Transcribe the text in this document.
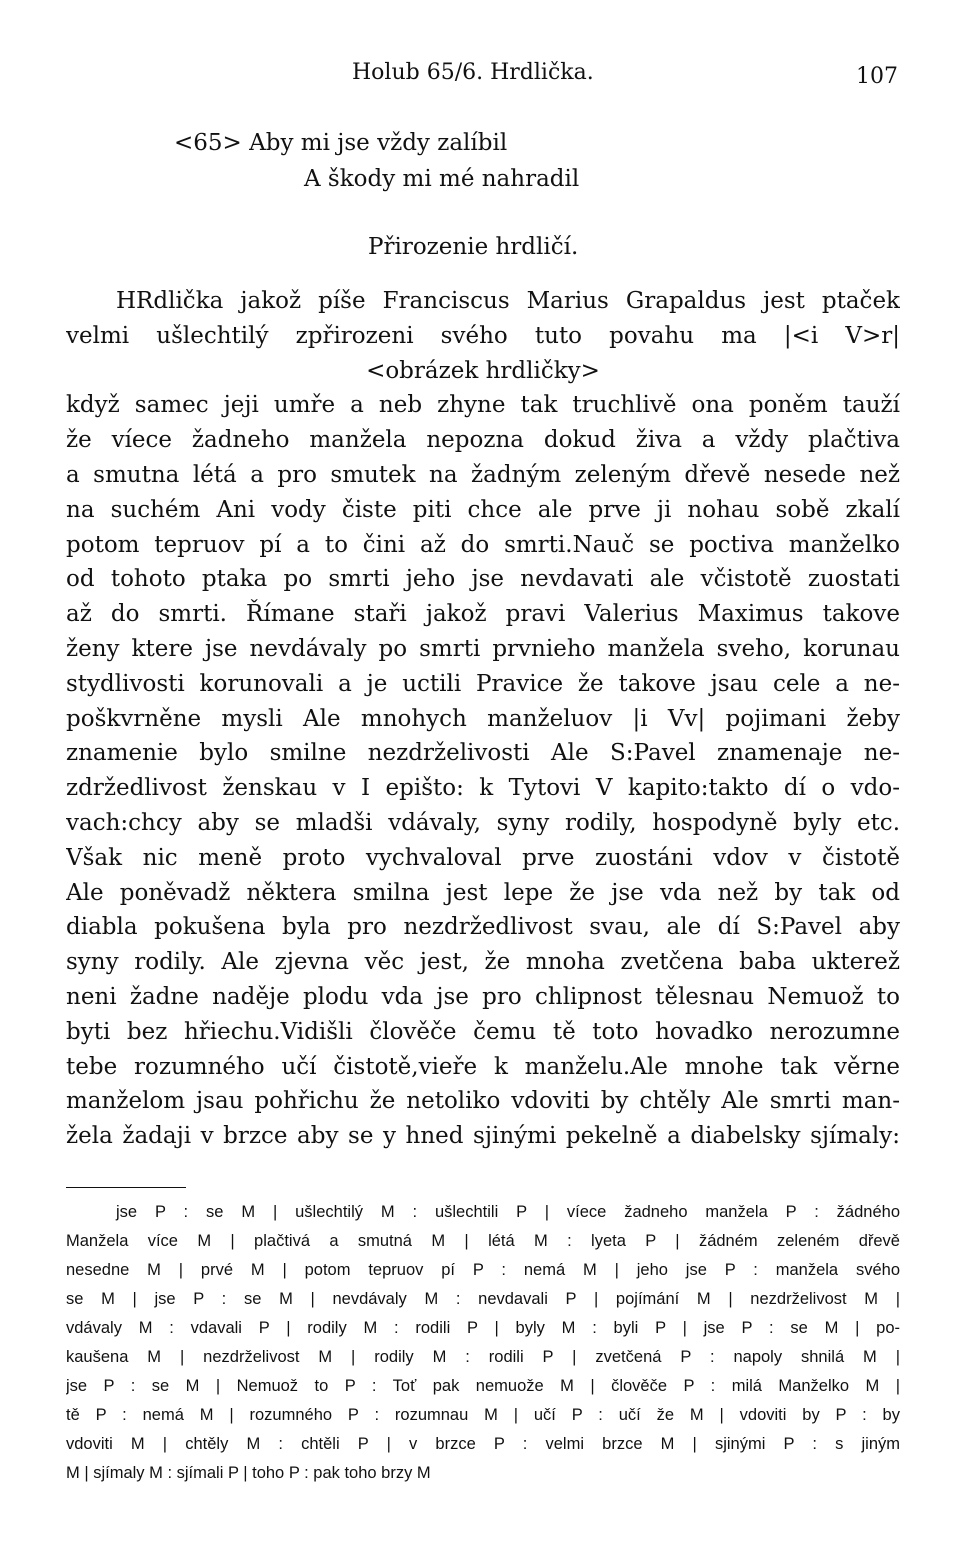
Holub 65/6. Hrdlička.	107
<65> Aby mi jse vždy zalíbil
A škody mi mé nahradil
Přirozenie hrdličí.
HRdlička jakož píše Franciscus Marius Grapaldus jest ptaček
velmi ušlechtilý zpřirozeni svého tuto povahu ma |<i V>r|
<obrázek hrdličky>
když samec jeji umře a neb zhyne tak truchlivě ona poněm tauží
že víece žadneho manžela nepozna dokud živa a vždy plačtiva
a smutna létá a pro smutek na žadným zeleným dřevě nesede než
na suchém Ani vody čiste piti chce ale prve ji nohau sobě zkalí
potom tepruov pí a to čini až do smrti.Nauč se poctiva manželko
od tohoto ptaka po smrti jeho jse nevdavati ale včistotě zuostati
až do smrti. Římane staři jakož pravi Valerius Maximus takove
ženy ktere jse nevdávaly po smrti prvnieho manžela sveho, korunau
stydlivosti korunovali a je uctili Pravice že takove jsau cele a ne-
poškvrněne mysli Ale mnohych manželuov |i Vv| pojimani žeby
znamenie bylo smilne nezdrželivosti Ale S:Pavel znamenaje ne-
zdržedlivost ženskau v I epišto: k Tytovi V kapito:takto dí o vdo-
vach:chcy aby se mladši vdávaly, syny rodily, hospodyně byly etc.
Však nic meně proto vychvaloval prve zuostáni vdov v čistotě
Ale poněvadž některa smilna jest lepe že jse vda než by tak od
diabla pokušena byla pro nezdržedlivost svau, ale dí S:Pavel aby
syny rodily. Ale zjevna věc jest, že mnoha zvetčena baba ukterež
neni žadne naděje plodu vda jse pro chlipnost tělesnau Nemuož to
byti bez hřiechu.Vidišli člověče čemu tě toto hovadko nerozumne
tebe rozumného učí čistotě,vieře k manželu.Ale mnohe tak věrne
manželom jsau pohřichu že netoliko vdoviti by chtěly Ale smrti man-
žela žadaji v brzce aby se y hned sjinými pekelně a diabelsky sjímaly:
jse P : se M | ušlechtilý M : ušlechtili P | víece žadneho manžela P : žádného
Manžela více M | plačtivá a smutná M | létá M : lyeta P | žádném zeleném dřevě
nesedne M | prvé M | potom tepruov pí P : nemá M | jeho jse P : manžela svého
se M | jse P : se M | nevdávaly M : nevdavali P | pojímání M | nezdrželivost M |
vdávaly M : vdavali P | rodily M : rodili P | byly M : byli P | jse P : se M | po-
kaušena M | nezdrželivost M | rodily M : rodili P | zvetčená P : napoly shnilá M |
jse P : se M | Nemuož to P : Toť pak nemuože M | člověče P : milá Manželko M |
tě P : nemá M | rozumného P : rozumnau M | učí P : učí že M | vdoviti by P : by
vdoviti M | chtěly M : chtěli P | v brzce P : velmi brzce M | sjinými P : s jiným
M | sjímaly M : sjímali P | toho P : pak toho brzy M
